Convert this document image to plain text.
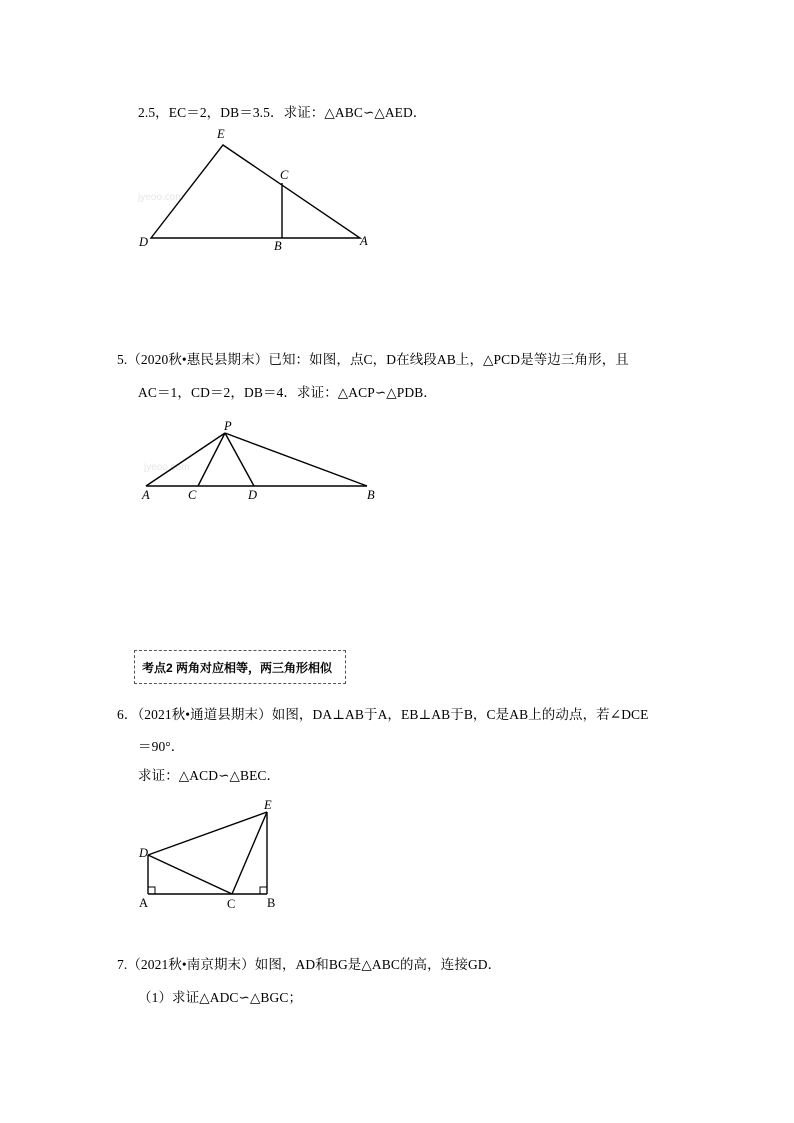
2.5，EC＝2，DB＝3.5．求证：△ABC∽△AED．
jyeoo.com
E
C
D	B	A
5.（2020秋•惠民县期末）已知：如图，点C，D在线段AB上，△PCD是等边三角形，且
AC＝1，CD＝2，DB＝4．求证：△ACP∽△PDB．
jyeoo.com
P
A	C	D	B
考点2 两角对应相等，两三角形相似
6．（2021秋•通道县期末）如图，DA⊥AB于A，EB⊥AB于B，C是AB上的动点，若∠DCE
＝90°．
求证：△ACD∽△BEC．
E
D
A	C	B
7.（2021秋•南京期末）如图，AD和BG是△ABC的高，连接GD．
（1）求证△ADC∽△BGC；
